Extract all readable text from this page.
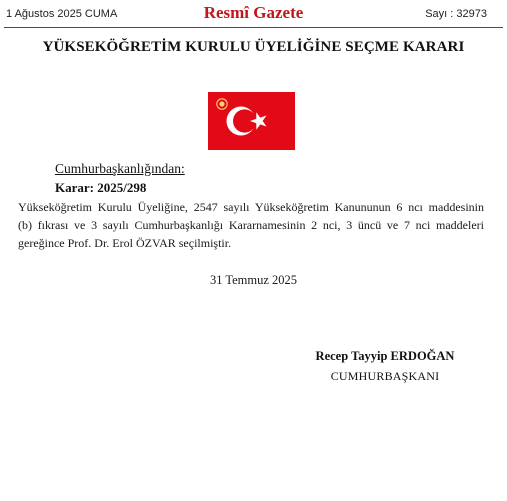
1 Ağustos 2025 CUMA	Resmî Gazete	Sayı : 32973
YÜKSEKÖĞRETİM KURULU ÜYELİĞİNE SEÇME KARARI
Cumhurbaşkanlığından:
Karar: 2025/298
Yükseköğretim Kurulu Üyeliğine, 2547 sayılı Yükseköğretim Kanununun 6 ncı maddesinin
(b) fıkrası ve 3 sayılı Cumhurbaşkanlığı Kararnamesinin 2 nci, 3 üncü ve 7 nci maddeleri
gereğince Prof. Dr. Erol ÖZVAR seçilmiştir.
31 Temmuz 2025
Recep Tayyip ERDOĞAN
CUMHURBAŞKANI
